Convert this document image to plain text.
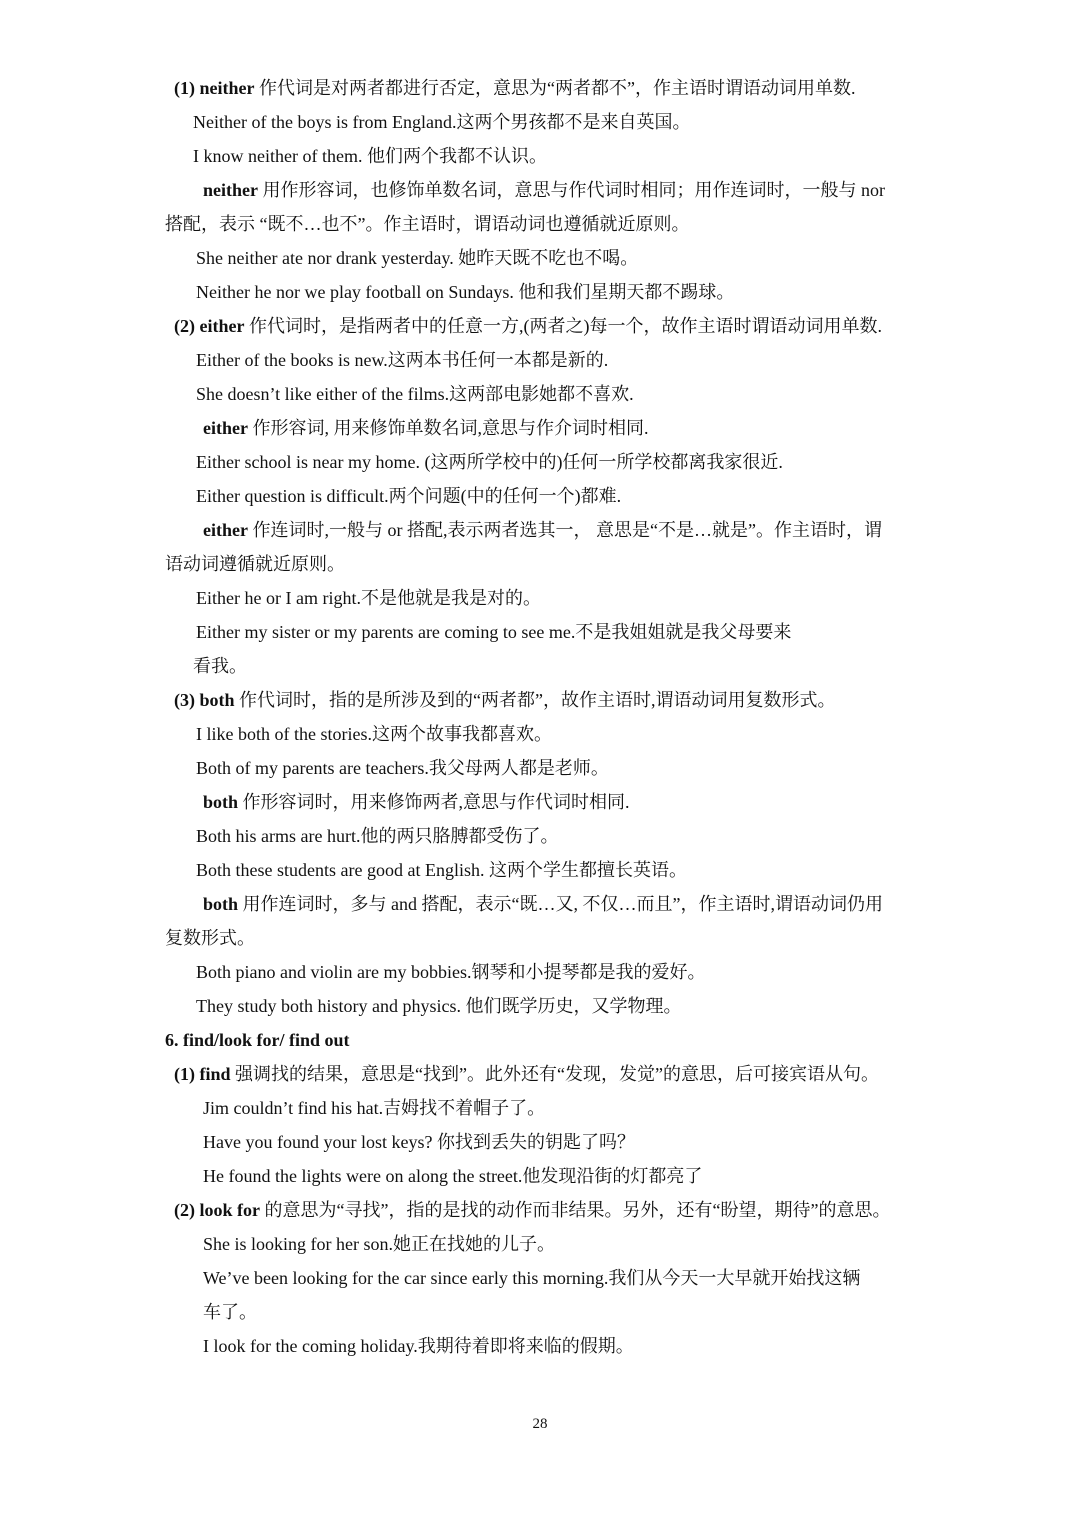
(1) neither 作代词是对两者都进行否定，意思为“两者都不”，作主语时谓语动词用单数.
Neither of the boys is from England.这两个男孩都不是来自英国。
I know neither of them. 他们两个我都不认识。
neither 用作形容词，也修饰单数名词，意思与作代词时相同；用作连词时，一般与 nor
搭配，表示 “既不…也不”。作主语时，谓语动词也遵循就近原则。
She neither ate nor drank yesterday. 她昨天既不吃也不喝。
Neither he nor we play football on Sundays. 他和我们星期天都不踢球。
(2) either 作代词时，是指两者中的任意一方,(两者之)每一个，故作主语时谓语动词用单数.
Either of the books is new.这两本书任何一本都是新的.
She doesn’t like either of the films.这两部电影她都不喜欢.
either 作形容词, 用来修饰单数名词,意思与作介词时相同.
Either school is near my home. (这两所学校中的)任何一所学校都离我家很近.
Either question is difficult.两个问题(中的任何一个)都难.
either 作连词时,一般与 or 搭配,表示两者选其一， 意思是“不是…就是”。作主语时，谓
语动词遵循就近原则。
Either he or I am right.不是他就是我是对的。
Either my sister or my parents are coming to see me.不是我姐姐就是我父母要来
看我。
(3) both 作代词时，指的是所涉及到的“两者都”，故作主语时,谓语动词用复数形式。
I like both of the stories.这两个故事我都喜欢。
Both of my parents are teachers.我父母两人都是老师。
both 作形容词时，用来修饰两者,意思与作代词时相同.
Both his arms are hurt.他的两只胳膊都受伤了。
Both these students are good at English. 这两个学生都擅长英语。
both 用作连词时，多与 and 搭配，表示“既…又, 不仅…而且”，作主语时,谓语动词仍用
复数形式。
Both piano and violin are my bobbies.钢琴和小提琴都是我的爱好。
They study both history and physics. 他们既学历史，又学物理。
6. find/look for/ find out
(1) find 强调找的结果，意思是“找到”。此外还有“发现，发觉”的意思，后可接宾语从句。
Jim couldn’t find his hat.吉姆找不着帽子了。
Have you found your lost keys? 你找到丢失的钥匙了吗？
He found the lights were on along the street.他发现沿街的灯都亮了
(2) look for 的意思为“寻找”，指的是找的动作而非结果。另外，还有“盼望，期待”的意思。
She is looking for her son.她正在找她的儿子。
We’ve been looking for the car since early this morning.我们从今天一大早就开始找这辆
车了。
I look for the coming holiday.我期待着即将来临的假期。
28
